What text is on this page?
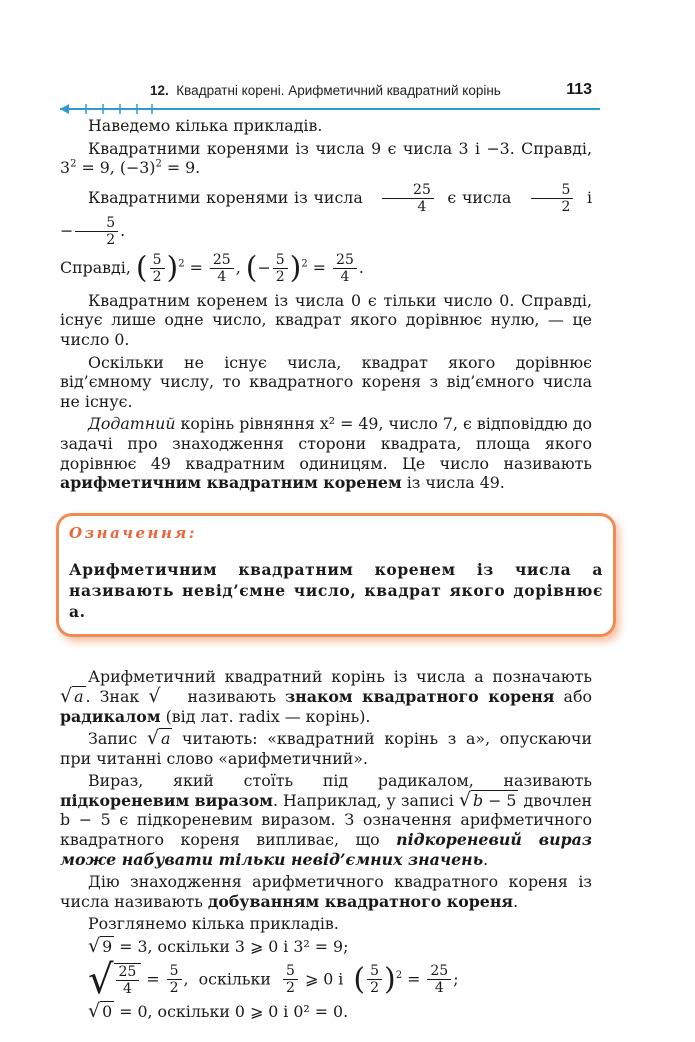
12. Квадратні корені. Арифметичний квадратний корінь	113

Наведемо кілька прикладів.

Квадратними коренями із числа 9 є числа 3 і −3. Справді, $3^2 = 9$, $(-3)^2 = 9$.

Квадратними коренями із числа $\frac{25}{4}$ є числа $\frac{5}{2}$ $і - \frac{5}{2}$ .

Справді, ( $\frac{5}{2} )^2 = \frac{25}{4}$ , (− $\frac{5}{2} )^2 = \frac{25}{4}$ .

Квадратним коренем із числа 0 є тільки число 0. Справді, існує лише одне число, квадрат якого дорівнює нулю, — це число 0.

Оскільки не існує числа, квадрат якого дорівнює від’ємному числу, то квадратного кореня з від’ємного числа не існує.

Додатний корінь рівняння x² = 49, число 7, є відповіддю до задачі про знаходження сторони квадрата, площа якого дорівнює 49 квадратним одиницям. Це число називають арифметичним квадратним коренем із числа 49.

Означення:
Арифметичним квадратним коренем із числа a називають невід’ємне число, квадрат якого дорівнює a.

Арифметичний квадратний корінь із числа a позначають √ a . Знак √ називають знаком квадратного кореня або радикалом (від лат. radix — корінь).

Запис √ a читають: «квадратний корінь з a», опускаючи при читанні слово «арифметичний».

Вираз, який стоїть під радикалом, називають підкореневим виразом. Наприклад, у записі √ b − 5 двочлен b − 5 є підкореневим виразом. З означення арифметичного квадратного кореня випливає, що підкореневий вираз може набувати тільки невід’ємних значень.

Дію знаходження арифметичного квадратного кореня із числа називають добуванням квадратного кореня.

Розглянемо кілька прикладів.

√ 9 = 3, оскільки 3 ⩾ 0 і 3² = 9;

√ $\frac{25}{4} = \frac{5}{2}$ ,  оскільки $\frac{5}{2}$ ⩾ 0 і ( $\frac{5}{2} )^2 = \frac{25}{4}$ ;

√ 0 = 0, оскільки 0 ⩾ 0 і 0² = 0.
